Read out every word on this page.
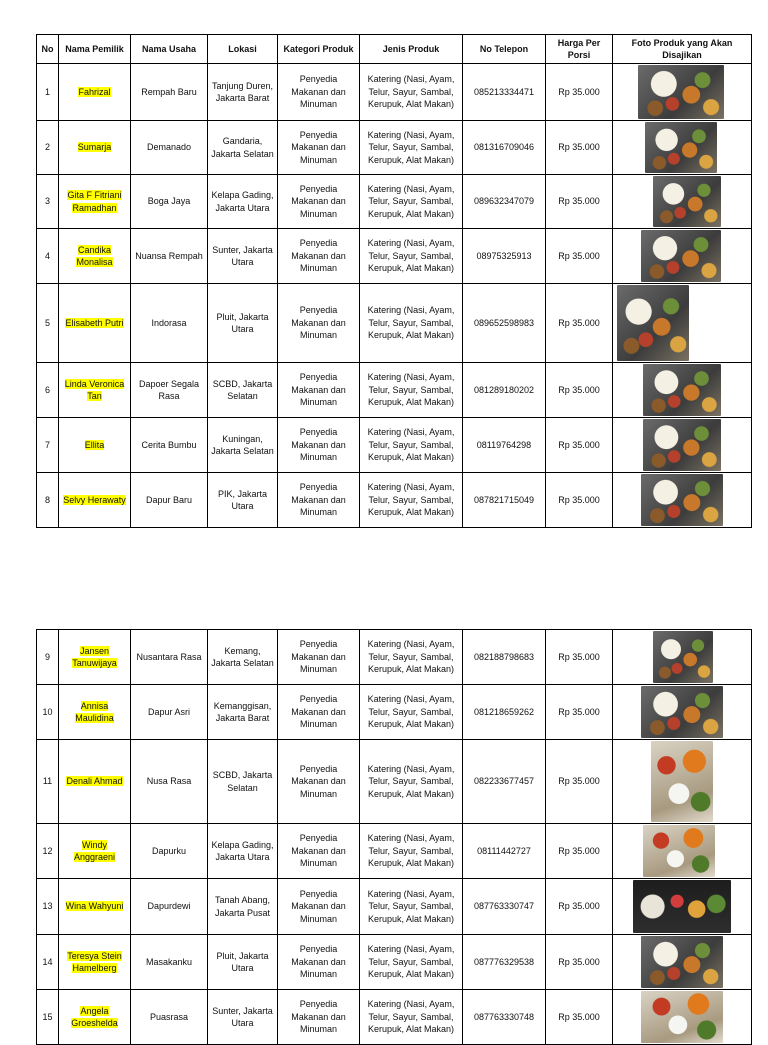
No	Nama Pemilik	Nama Usaha	Lokasi	Kategori Produk	Jenis Produk	No Telepon	Harga Per Porsi	Foto Produk yang Akan Disajikan
1	Fahrizal	Rempah Baru	Tanjung Duren, Jakarta Barat	Penyedia Makanan dan Minuman	Katering (Nasi, Ayam, Telur, Sayur, Sambal, Kerupuk, Alat Makan)	085213334471	Rp 35.000	

2	Sumarja	Demanado	Gandaria, Jakarta Selatan	Penyedia Makanan dan Minuman	Katering (Nasi, Ayam, Telur, Sayur, Sambal, Kerupuk, Alat Makan)	081316709046	Rp 35.000	

3	Gita F Fitriani Ramadhan	Boga Jaya	Kelapa Gading, Jakarta Utara	Penyedia Makanan dan Minuman	Katering (Nasi, Ayam, Telur, Sayur, Sambal, Kerupuk, Alat Makan)	089632347079	Rp 35.000	

4	Candika Monalisa	Nuansa Rempah	Sunter, Jakarta Utara	Penyedia Makanan dan Minuman	Katering (Nasi, Ayam, Telur, Sayur, Sambal, Kerupuk, Alat Makan)	08975325913	Rp 35.000	

5	Elisabeth Putri	Indorasa	Pluit, Jakarta Utara	Penyedia Makanan dan Minuman	Katering (Nasi, Ayam, Telur, Sayur, Sambal, Kerupuk, Alat Makan)	089652598983	Rp 35.000	

6	Linda Veronica Tan	Dapoer Segala Rasa	SCBD, Jakarta Selatan	Penyedia Makanan dan Minuman	Katering (Nasi, Ayam, Telur, Sayur, Sambal, Kerupuk, Alat Makan)	081289180202	Rp 35.000	

7	Ellita	Cerita Bumbu	Kuningan, Jakarta Selatan	Penyedia Makanan dan Minuman	Katering (Nasi, Ayam, Telur, Sayur, Sambal, Kerupuk, Alat Makan)	08119764298	Rp 35.000	

8	Selvy Herawaty	Dapur Baru	PIK, Jakarta Utara	Penyedia Makanan dan Minuman	Katering (Nasi, Ayam, Telur, Sayur, Sambal, Kerupuk, Alat Makan)	087821715049	Rp 35.000	
9	Jansen Tanuwijaya	Nusantara Rasa	Kemang, Jakarta Selatan	Penyedia Makanan dan Minuman	Katering (Nasi, Ayam, Telur, Sayur, Sambal, Kerupuk, Alat Makan)	082188798683	Rp 35.000	

10	Annisa Maulidina	Dapur Asri	Kemanggisan, Jakarta Barat	Penyedia Makanan dan Minuman	Katering (Nasi, Ayam, Telur, Sayur, Sambal, Kerupuk, Alat Makan)	081218659262	Rp 35.000	

11	Denali Ahmad	Nusa Rasa	SCBD, Jakarta Selatan	Penyedia Makanan dan Minuman	Katering (Nasi, Ayam, Telur, Sayur, Sambal, Kerupuk, Alat Makan)	082233677457	Rp 35.000	

12	Windy Anggraeni	Dapurku	Kelapa Gading, Jakarta Utara	Penyedia Makanan dan Minuman	Katering (Nasi, Ayam, Telur, Sayur, Sambal, Kerupuk, Alat Makan)	08111442727	Rp 35.000	

13	Wina Wahyuni	Dapurdewi	Tanah Abang, Jakarta Pusat	Penyedia Makanan dan Minuman	Katering (Nasi, Ayam, Telur, Sayur, Sambal, Kerupuk, Alat Makan)	087763330747	Rp 35.000	

14	Teresya Stein Hamelberg	Masakanku	Pluit, Jakarta Utara	Penyedia Makanan dan Minuman	Katering (Nasi, Ayam, Telur, Sayur, Sambal, Kerupuk, Alat Makan)	087776329538	Rp 35.000	

15	Angela Groeshelda	Puasrasa	Sunter, Jakarta Utara	Penyedia Makanan dan Minuman	Katering (Nasi, Ayam, Telur, Sayur, Sambal, Kerupuk, Alat Makan)	087763330748	Rp 35.000	
